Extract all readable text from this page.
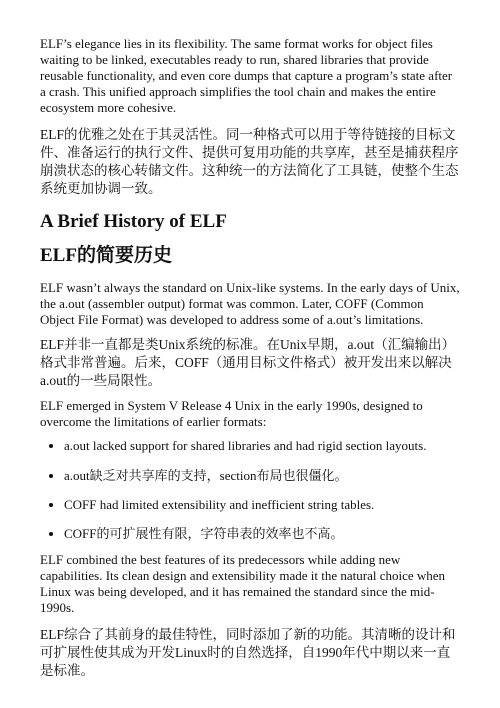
ELF’s elegance lies in its flexibility. The same format works for object files waiting to be linked, executables ready to run, shared libraries that provide reusable functionality, and even core dumps that capture a program’s state after a crash. This unified approach simplifies the tool chain and makes the entire ecosystem more cohesive.

ELF的优雅之处在于其灵活性。同一种格式可以用于等待链接的目标文件、准备运行的执行文件、提供可复用功能的共享库，甚至是捕获程序崩溃状态的核心转储文件。这种统一的方法简化了工具链，使整个生态系统更加协调一致。

A Brief History of ELF
ELF的简要历史

ELF wasn’t always the standard on Unix-like systems. In the early days of Unix, the a.out (assembler output) format was common. Later, COFF (Common Object File Format) was developed to address some of a.out’s limitations.

ELF并非一直都是类Unix系统的标准。在Unix早期，a.out（汇编输出）格式非常普遍。后来，COFF（通用目标文件格式）被开发出来以解决a.out的一些局限性。

ELF emerged in System V Release 4 Unix in the early 1990s, designed to overcome the limitations of earlier formats:

a.out lacked support for shared libraries and had rigid section layouts.
a.out缺乏对共享库的支持，section布局也很僵化。
COFF had limited extensibility and inefficient string tables.
COFF的可扩展性有限，字符串表的效率也不高。

ELF combined the best features of its predecessors while adding new capabilities. Its clean design and extensibility made it the natural choice when Linux was being developed, and it has remained the standard since the mid-1990s.

ELF综合了其前身的最佳特性，同时添加了新的功能。其清晰的设计和可扩展性使其成为开发Linux时的自然选择，自1990年代中期以来一直是标准。
